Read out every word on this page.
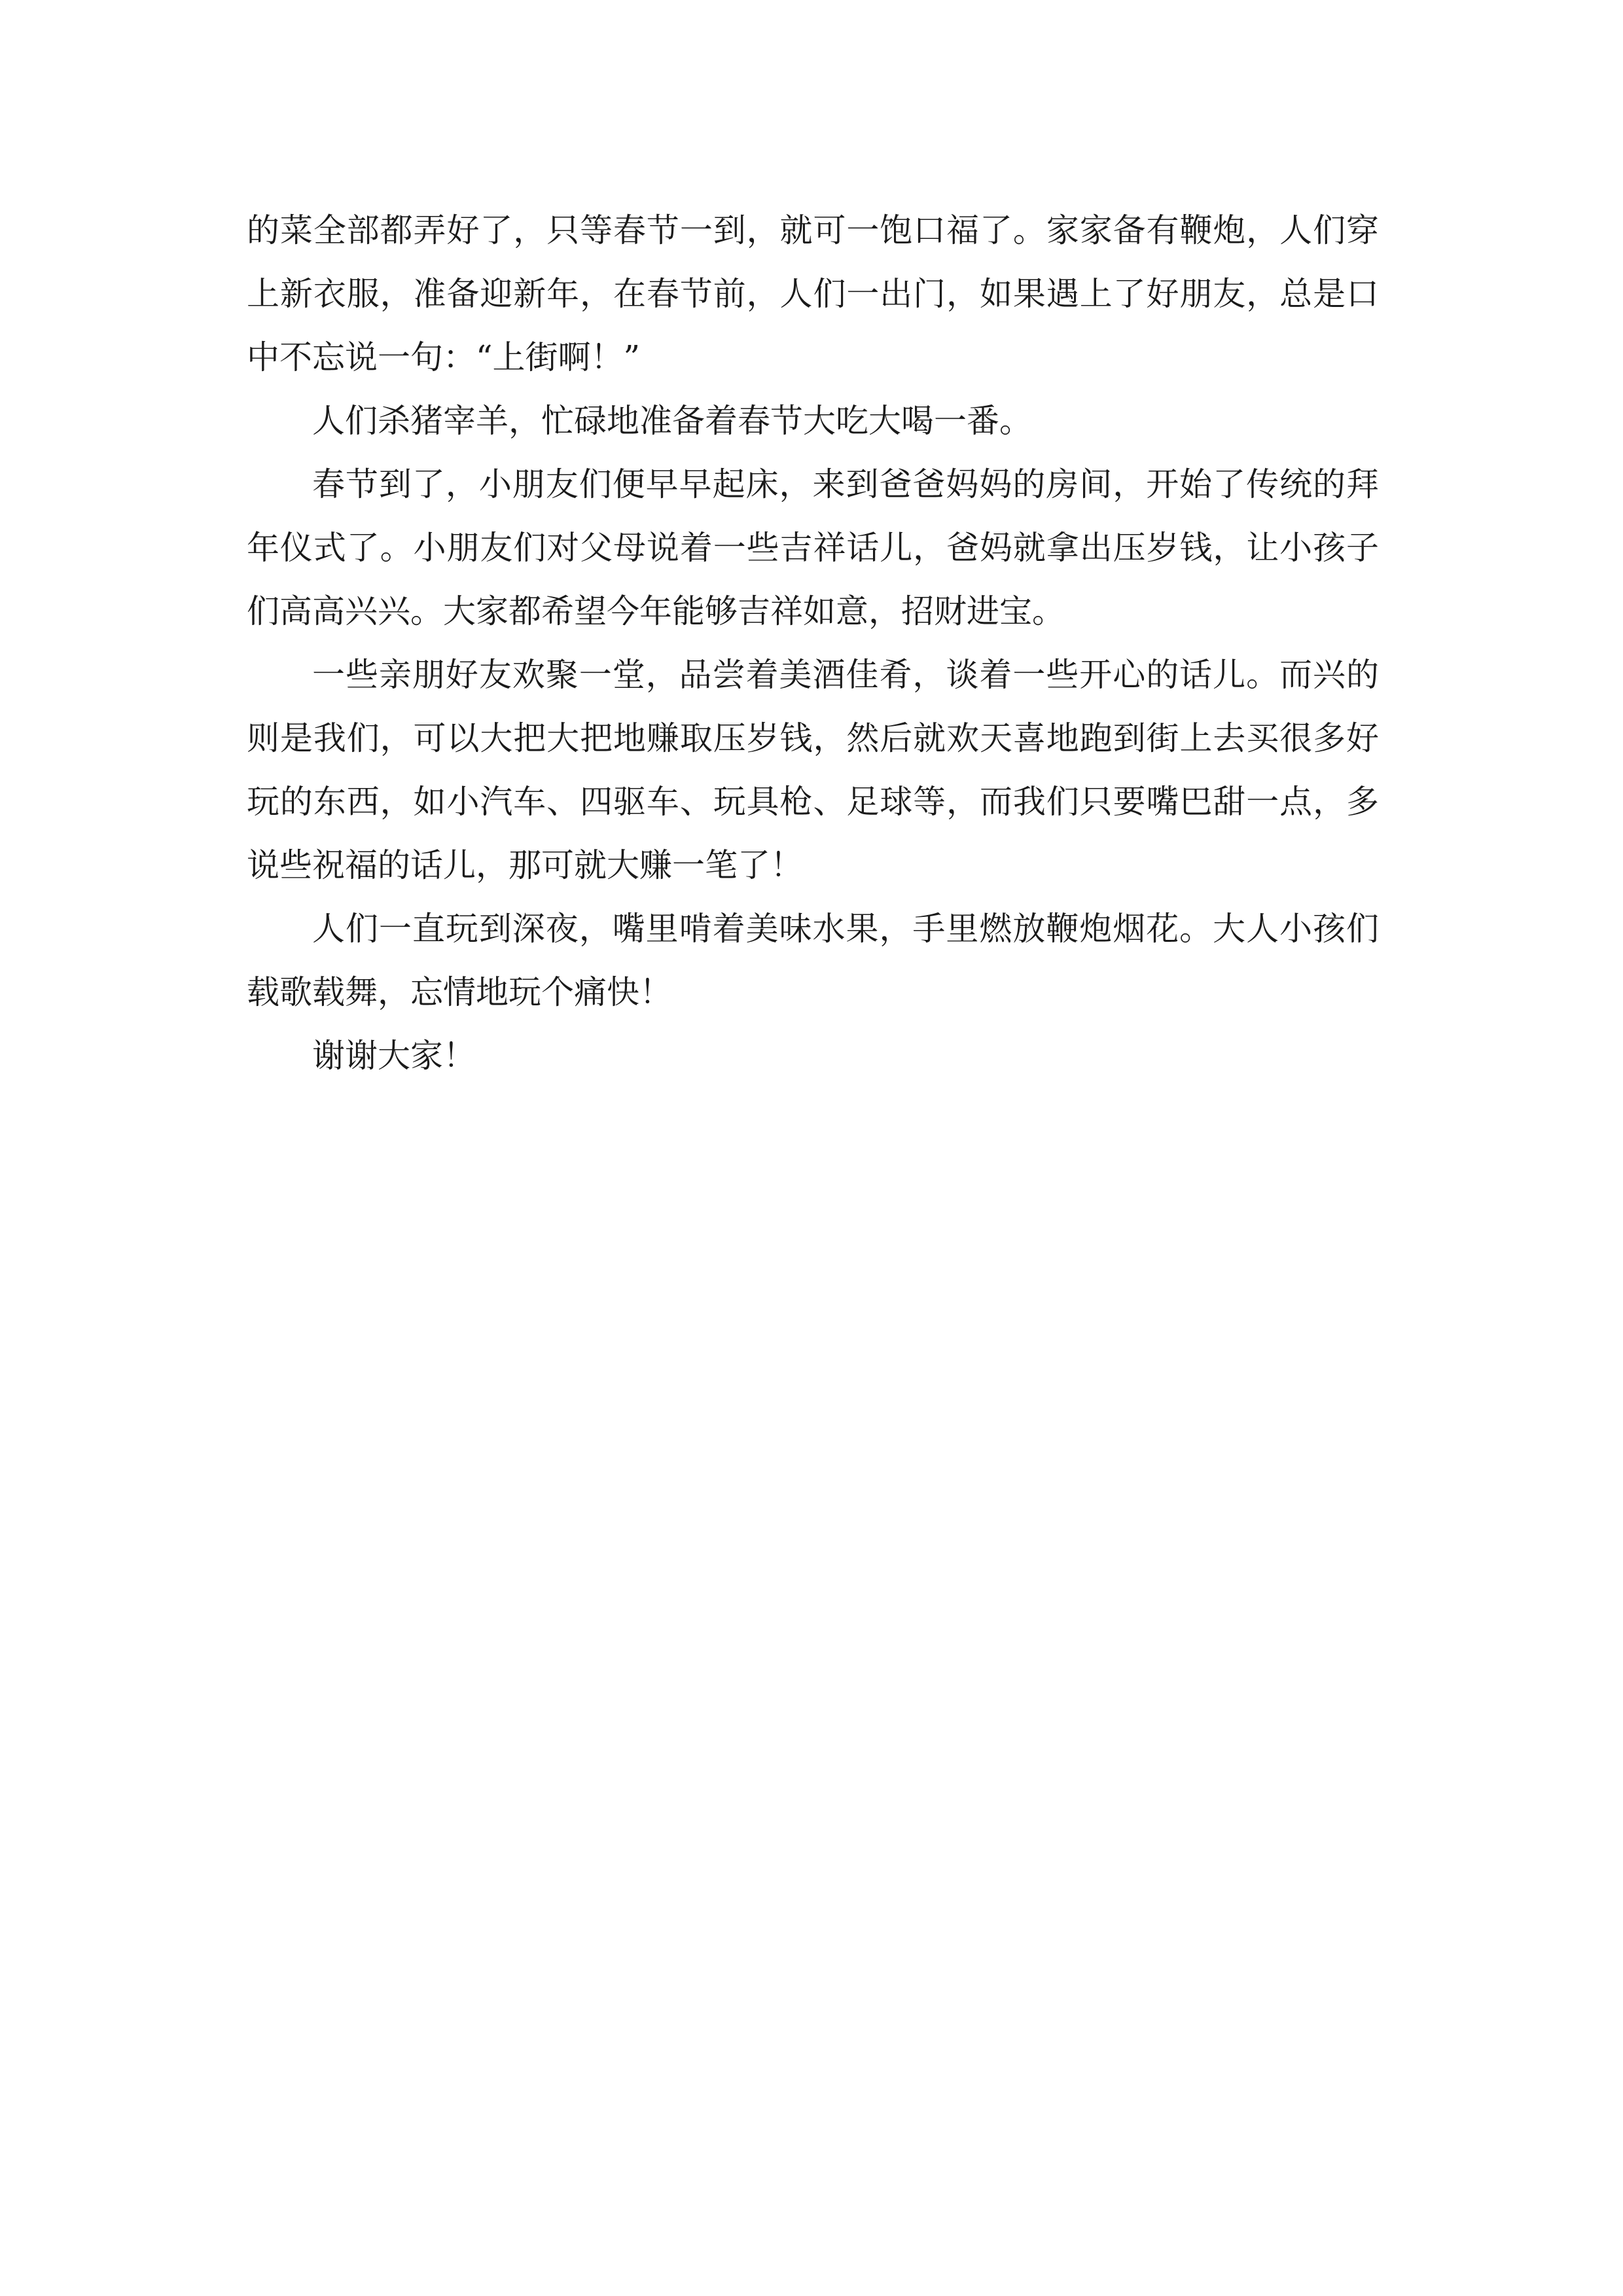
的菜全部都弄好了，只等春节一到，就可一饱口福了。家家备有鞭炮，人们穿上新衣服，准备迎新年，在春节前，人们一出门，如果遇上了好朋友，总是口中不忘说一句：“上街啊！”

人们杀猪宰羊，忙碌地准备着春节大吃大喝一番。

春节到了，小朋友们便早早起床，来到爸爸妈妈的房间，开始了传统的拜年仪式了。小朋友们对父母说着一些吉祥话儿，爸妈就拿出压岁钱，让小孩子们高高兴兴。大家都希望今年能够吉祥如意，招财进宝。

一些亲朋好友欢聚一堂，品尝着美酒佳肴，谈着一些开心的话儿。而兴的则是我们，可以大把大把地赚取压岁钱，然后就欢天喜地跑到街上去买很多好玩的东西，如小汽车、四驱车、玩具枪、足球等，而我们只要嘴巴甜一点，多说些祝福的话儿，那可就大赚一笔了！

人们一直玩到深夜，嘴里啃着美味水果，手里燃放鞭炮烟花。大人小孩们载歌载舞，忘情地玩个痛快！

谢谢大家！
